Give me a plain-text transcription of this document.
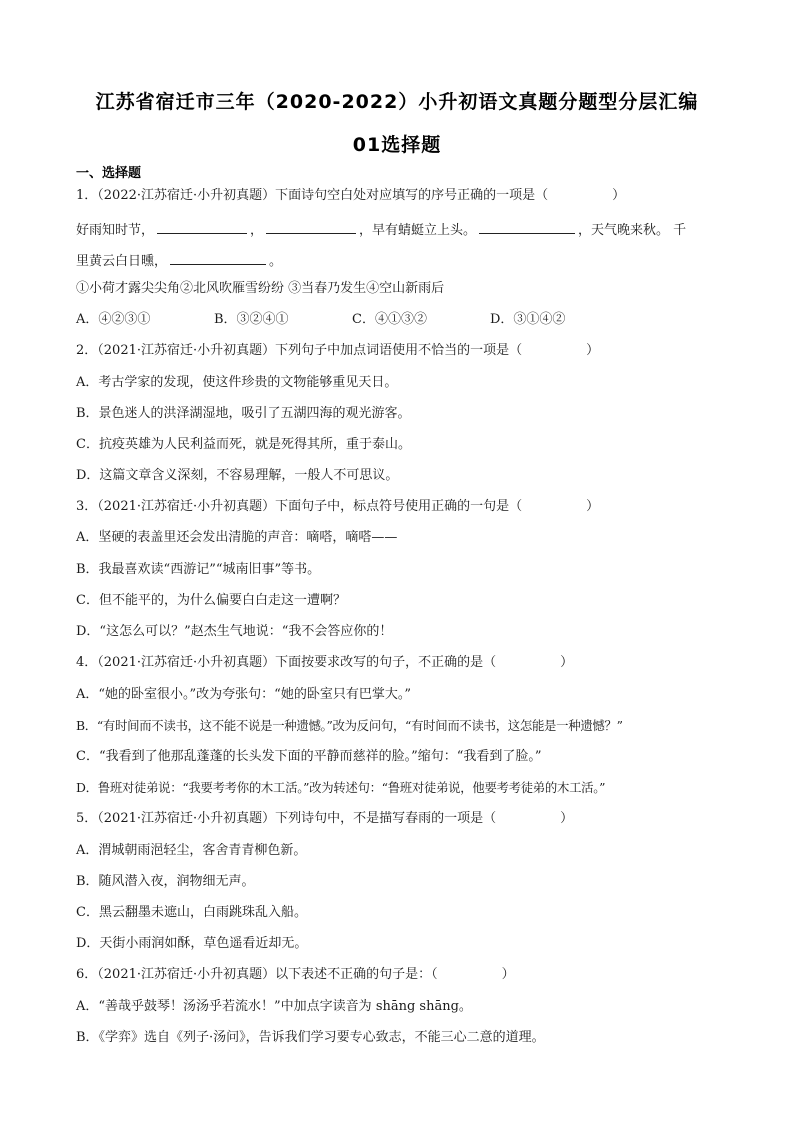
江苏省宿迁市三年（2020-2022）小升初语文真题分题型分层汇编
01选择题
一、选择题
1．（2022·江苏宿迁·小升初真题）下面诗句空白处对应填写的序号正确的一项是（	）
好雨知时节，	，	，早有蜻蜓立上头。	，天气晚来秋。 千
里黄云白日曛，	。
①小荷才露尖尖角②北风吹雁雪纷纷 ③当春乃发生④空山新雨后
A．④②③①	B．③②④①	C．④①③②	D．③①④②
2．（2021·江苏宿迁·小升初真题）下列句子中加点词语使用不恰当的一项是（	）
A．考古学家的发现，使这件珍贵的文物能够重见天日。
B．景色迷人的洪泽湖湿地，吸引了五湖四海的观光游客。
C．抗疫英雄为人民利益而死，就是死得其所，重于泰山。
D．这篇文章含义深刻，不容易理解，一般人不可思议。
3．（2021·江苏宿迁·小升初真题）下面句子中，标点符号使用正确的一句是（	）
A．坚硬的表盖里还会发出清脆的声音：嘀嗒，嘀嗒——
B．我最喜欢读“西游记”“城南旧事”等书。
C．但不能平的，为什么偏要白白走这一遭啊？
D．“这怎么可以？”赵杰生气地说：“我不会答应你的！
4．（2021·江苏宿迁·小升初真题）下面按要求改写的句子，不正确的是（	）
A．“她的卧室很小。”改为夸张句：“她的卧室只有巴掌大。”
B．“有时间而不读书，这不能不说是一种遗憾。”改为反问句，“有时间而不读书，这怎能是一种遗憾？”
C．“我看到了他那乱蓬蓬的长头发下面的平静而慈祥的脸。”缩句：“我看到了脸。”
D．鲁班对徒弟说：“我要考考你的木工活。”改为转述句：“鲁班对徒弟说，他要考考徒弟的木工活。”
5．（2021·江苏宿迁·小升初真题）下列诗句中，不是描写春雨的一项是（	）
A．渭城朝雨浥轻尘，客舍青青柳色新。
B．随风潜入夜，润物细无声。
C．黑云翻墨未遮山，白雨跳珠乱入船。
D．天街小雨润如酥，草色遥看近却无。
6．（2021·江苏宿迁·小升初真题）以下表述不正确的句子是：（	）
A．“善哉乎鼓琴！汤汤乎若流水！”中加点字读音为 shāng shāng。
B．《学弈》选自《列子·汤问》，告诉我们学习要专心致志，不能三心二意的道理。
